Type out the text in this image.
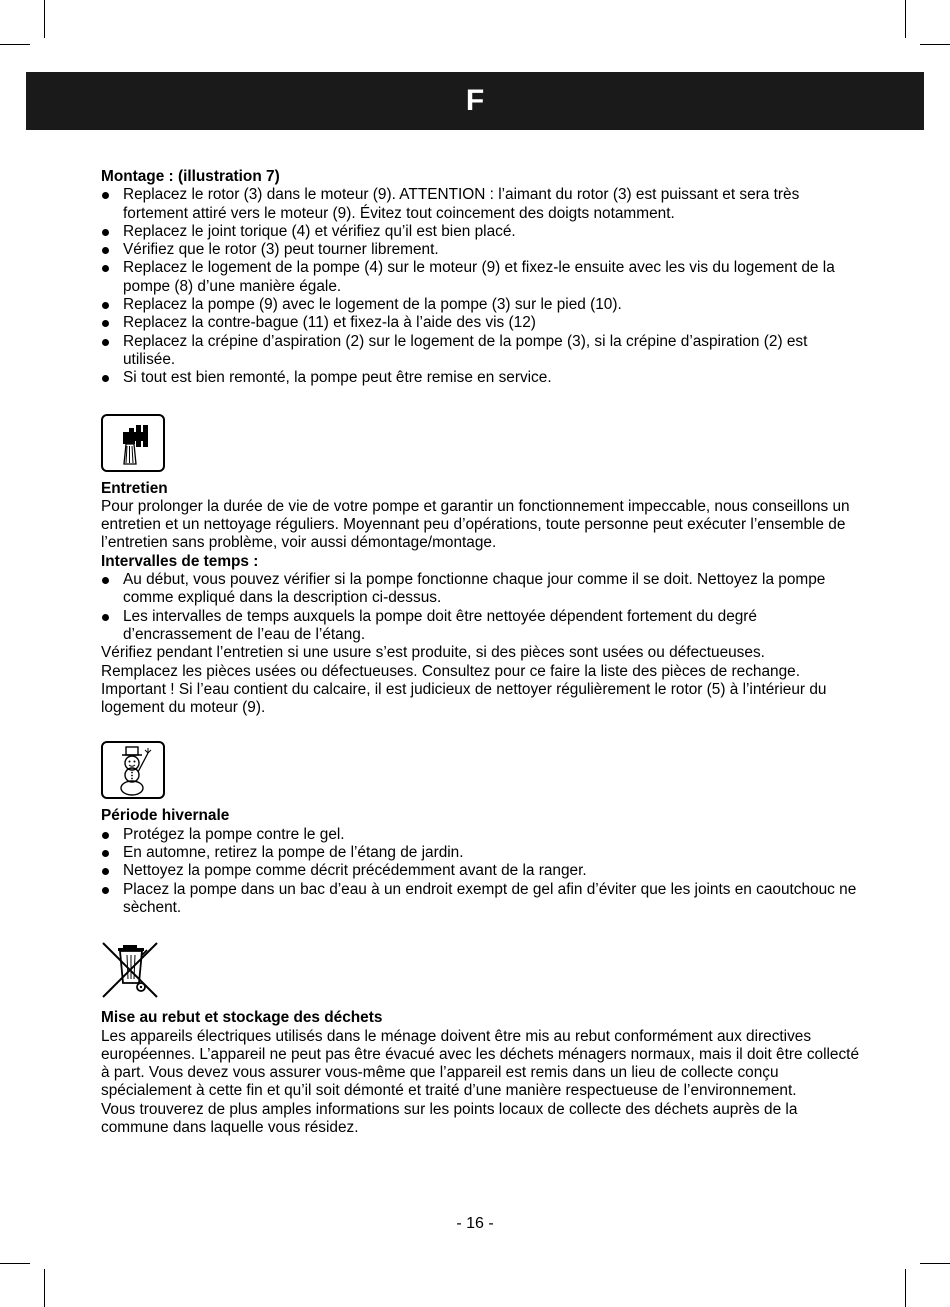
F
Montage : (illustration 7)
Replacez le rotor (3) dans le moteur (9). ATTENTION : l’aimant du rotor (3) est puissant et sera très fortement attiré vers le moteur (9). Évitez tout coincement des doigts notamment.
Replacez le joint torique (4) et vérifiez qu’il est bien placé.
Vérifiez que le rotor (3) peut tourner librement.
Replacez le logement de la pompe (4) sur le moteur (9) et fixez-le ensuite avec les vis du logement de la pompe (8) d’une manière égale.
Replacez la pompe (9) avec le logement de la pompe (3) sur le pied (10).
Replacez la contre-bague (11) et fixez-la à l’aide des vis (12)
Replacez la crépine d’aspiration (2) sur le logement de la pompe (3), si la crépine d’aspiration (2) est utilisée.
Si tout est bien remonté, la pompe peut être remise en service.
Entretien

Pour prolonger la durée de vie de votre pompe et garantir un fonctionnement impeccable, nous conseillons un entretien et un nettoyage réguliers. Moyennant peu d’opérations, toute personne peut exécuter l’ensemble de l’entretien sans problème, voir aussi démontage/montage.

Intervalles de temps :
Au début, vous pouvez vérifier si la pompe fonctionne chaque jour comme il se doit. Nettoyez la pompe comme expliqué dans la description ci-dessus.
Les intervalles de temps auxquels la pompe doit être nettoyée dépendent fortement du degré d’encrassement de l’eau de l’étang.

Vérifiez pendant l’entretien si une usure s’est produite, si des pièces sont usées ou défectueuses.

Remplacez les pièces usées ou défectueuses. Consultez pour ce faire la liste des pièces de rechange.

Important ! Si l’eau contient du calcaire, il est judicieux de nettoyer régulièrement le rotor (5) à l’intérieur du logement du moteur (9).

Période hivernale
Protégez la pompe contre le gel.
En automne, retirez la pompe de l’étang de jardin.
Nettoyez la pompe comme décrit précédemment avant de la ranger.
Placez la pompe dans un bac d’eau à un endroit exempt de gel afin d’éviter que les joints en caoutchouc ne sèchent.
Mise au rebut et stockage des déchets

Les appareils électriques utilisés dans le ménage doivent être mis au rebut conformément aux directives européennes. L’appareil ne peut pas être évacué avec les déchets ménagers normaux, mais il doit être collecté à part. Vous devez vous assurer vous-même que l’appareil est remis dans un lieu de collecte conçu spécialement à cette fin et qu’il soit démonté et traité d’une manière respectueuse de l’environnement.

Vous trouverez de plus amples informations sur les points locaux de collecte des déchets auprès de la commune dans laquelle vous résidez.

- 16 -
